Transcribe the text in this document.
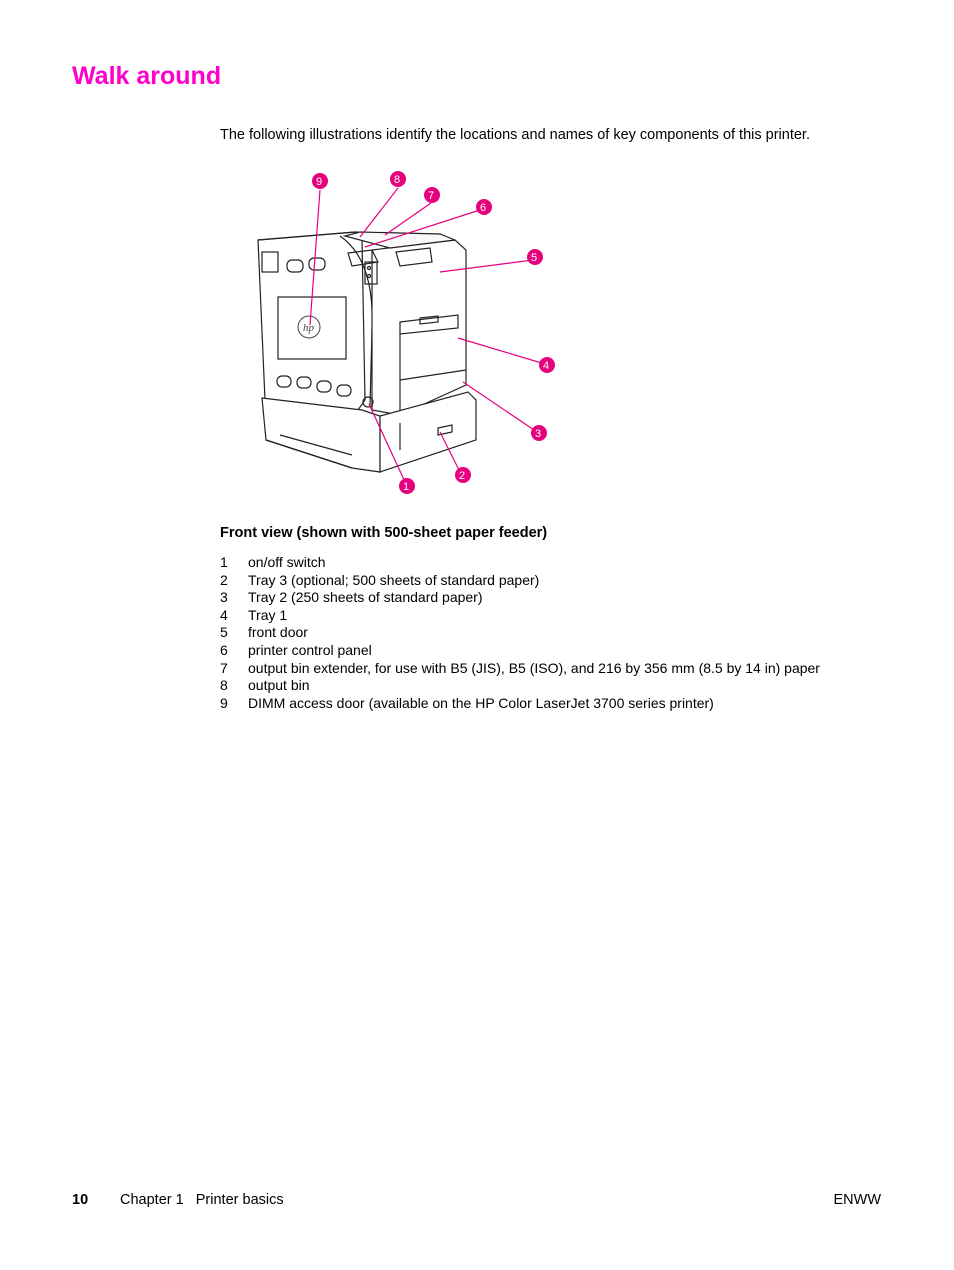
Walk around

The following illustrations identify the locations and names of key components of this printer.

hp
9	8
7
6
5
4
3
2
1

Front view (shown with 500-sheet paper feeder)

1 on/off switch
2 Tray 3 (optional; 500 sheets of standard paper)
3 Tray 2 (250 sheets of standard paper)
4 Tray 1
5 front door
6 printer control panel
7 output bin extender, for use with B5 (JIS), B5 (ISO), and 216 by 356 mm (8.5 by 14 in) paper
8 output bin
9 DIMM access door (available on the HP Color LaserJet 3700 series printer)
10 Chapter 1   Printer basics	ENWW
